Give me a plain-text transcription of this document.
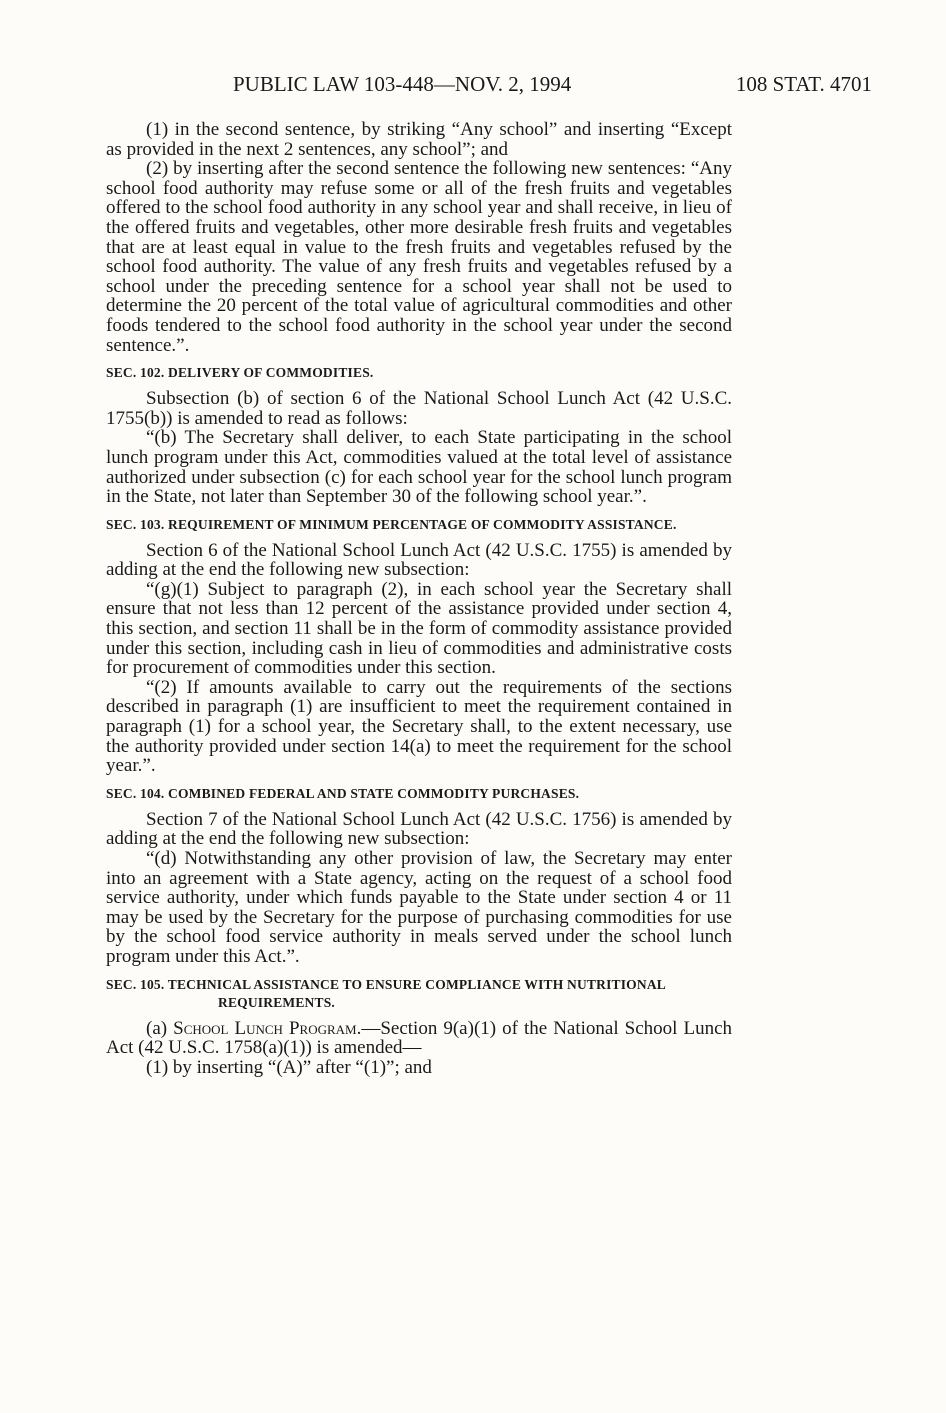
PUBLIC LAW 103-448—NOV. 2, 1994	108 STAT. 4701

(1) in the second sentence, by striking “Any school” and inserting “Except as provided in the next 2 sentences, any school”; and

(2) by inserting after the second sentence the following new sentences: “Any school food authority may refuse some or all of the fresh fruits and vegetables offered to the school food authority in any school year and shall receive, in lieu of the offered fruits and vegetables, other more desirable fresh fruits and vegetables that are at least equal in value to the fresh fruits and vegetables refused by the school food authority. The value of any fresh fruits and vegetables refused by a school under the preceding sentence for a school year shall not be used to determine the 20 percent of the total value of agricultural commodities and other foods tendered to the school food authority in the school year under the second sentence.”.

SEC. 102. DELIVERY OF COMMODITIES.

Subsection (b) of section 6 of the National School Lunch Act (42 U.S.C. 1755(b)) is amended to read as follows:

“(b) The Secretary shall deliver, to each State participating in the school lunch program under this Act, commodities valued at the total level of assistance authorized under subsection (c) for each school year for the school lunch program in the State, not later than September 30 of the following school year.”.

SEC. 103. REQUIREMENT OF MINIMUM PERCENTAGE OF COMMODITY ASSISTANCE.

Section 6 of the National School Lunch Act (42 U.S.C. 1755) is amended by adding at the end the following new subsection:

“(g)(1) Subject to paragraph (2), in each school year the Secretary shall ensure that not less than 12 percent of the assistance provided under section 4, this section, and section 11 shall be in the form of commodity assistance provided under this section, including cash in lieu of commodities and administrative costs for procurement of commodities under this section.

“(2) If amounts available to carry out the requirements of the sections described in paragraph (1) are insufficient to meet the requirement contained in paragraph (1) for a school year, the Secretary shall, to the extent necessary, use the authority provided under section 14(a) to meet the requirement for the school year.”.

SEC. 104. COMBINED FEDERAL AND STATE COMMODITY PURCHASES.

Section 7 of the National School Lunch Act (42 U.S.C. 1756) is amended by adding at the end the following new subsection:

“(d) Notwithstanding any other provision of law, the Secretary may enter into an agreement with a State agency, acting on the request of a school food service authority, under which funds payable to the State under section 4 or 11 may be used by the Secretary for the purpose of purchasing commodities for use by the school food service authority in meals served under the school lunch program under this Act.”.

SEC. 105. TECHNICAL ASSISTANCE TO ENSURE COMPLIANCE WITH NUTRITIONAL REQUIREMENTS.

(a) School Lunch Program.—Section 9(a)(1) of the National School Lunch Act (42 U.S.C. 1758(a)(1)) is amended—

(1) by inserting “(A)” after “(1)”; and
